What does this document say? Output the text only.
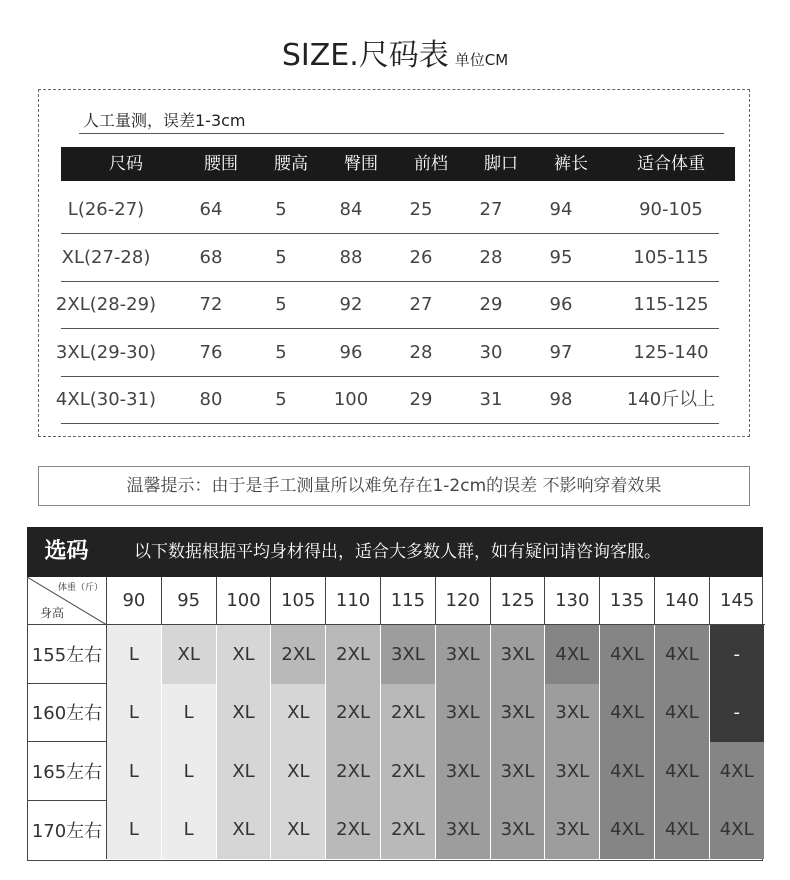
SIZE.尺码表 单位CM
人工量测，误差1-3cm
尺码	腰围	腰高	臀围	前档	脚口	裤长	适合体重
L(26-27)	64	5	84	25	27	94	90-105
XL(27-28)	68	5	88	26	28	95	105-115
2XL(28-29)	72	5	92	27	29	96	115-125
3XL(29-30)	76	5	96	28	30	97	125-140
4XL(30-31)	80	5	100	29	31	98	140斤以上
温馨提示：由于是手工测量所以难免存在1-2cm的误差 不影响穿着效果
选码	以下数据根据平均身材得出，适合大多数人群，如有疑问请咨询客服。
体重（斤）
身高
90	95	100	105	110	115	120	125	130	135	140	145
155左右	L	XL	XL	2XL	2XL	3XL	3XL	3XL	4XL	4XL	4XL	-
160左右	L	L	XL	XL	2XL	2XL	3XL	3XL	3XL	4XL	4XL	-
165左右	L	L	XL	XL	2XL	2XL	3XL	3XL	3XL	4XL	4XL	4XL
170左右	L	L	XL	XL	2XL	2XL	3XL	3XL	3XL	4XL	4XL	4XL
